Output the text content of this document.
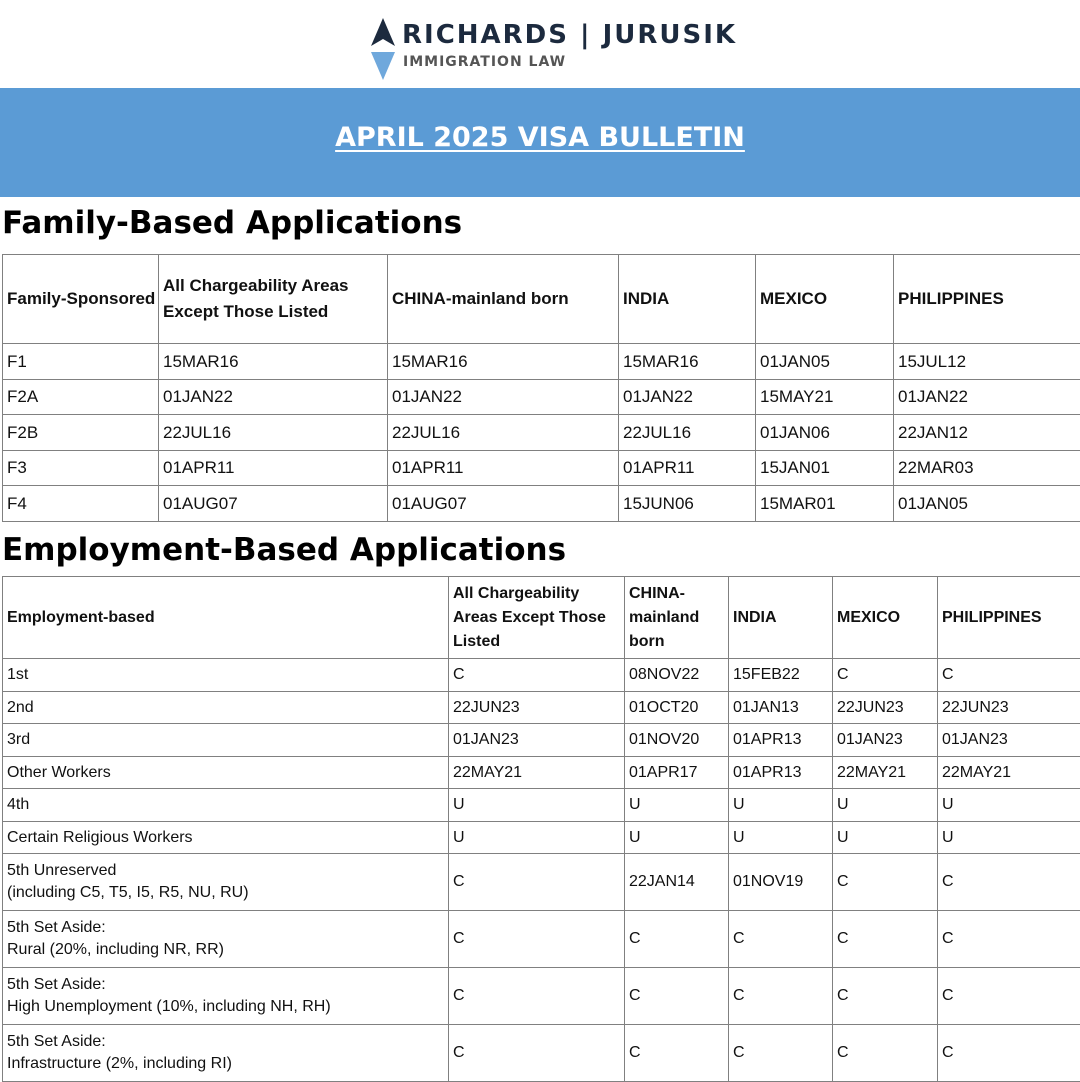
RICHARDS | JURUSIK
IMMIGRATION LAW
APRIL 2025 VISA BULLETIN
Family-Based Applications
Family-Sponsored	All Chargeability Areas Except Those Listed	CHINA-mainland born	INDIA	MEXICO	PHILIPPINES
F1	15MAR16	15MAR16	15MAR16	01JAN05	15JUL12
F2A	01JAN22	01JAN22	01JAN22	15MAY21	01JAN22
F2B	22JUL16	22JUL16	22JUL16	01JAN06	22JAN12
F3	01APR11	01APR11	01APR11	15JAN01	22MAR03
F4	01AUG07	01AUG07	15JUN06	15MAR01	01JAN05
Employment-Based Applications
Employment-based	All Chargeability Areas Except Those Listed	CHINA-mainland born	INDIA	MEXICO	PHILIPPINES
1st	C	08NOV22	15FEB22	C	C
2nd	22JUN23	01OCT20	01JAN13	22JUN23	22JUN23
3rd	01JAN23	01NOV20	01APR13	01JAN23	01JAN23
Other Workers	22MAY21	01APR17	01APR13	22MAY21	22MAY21
4th	U	U	U	U	U
Certain Religious Workers	U	U	U	U	U

5th Unreserved
(including C5, T5, I5, R5, NU, RU)	C	22JAN14	01NOV19	C	C

5th Set Aside:
Rural (20%, including NR, RR)	C	C	C	C	C

5th Set Aside:
High Unemployment (10%, including NH, RH)	C	C	C	C	C

5th Set Aside:
Infrastructure (2%, including RI)	C	C	C	C	C
